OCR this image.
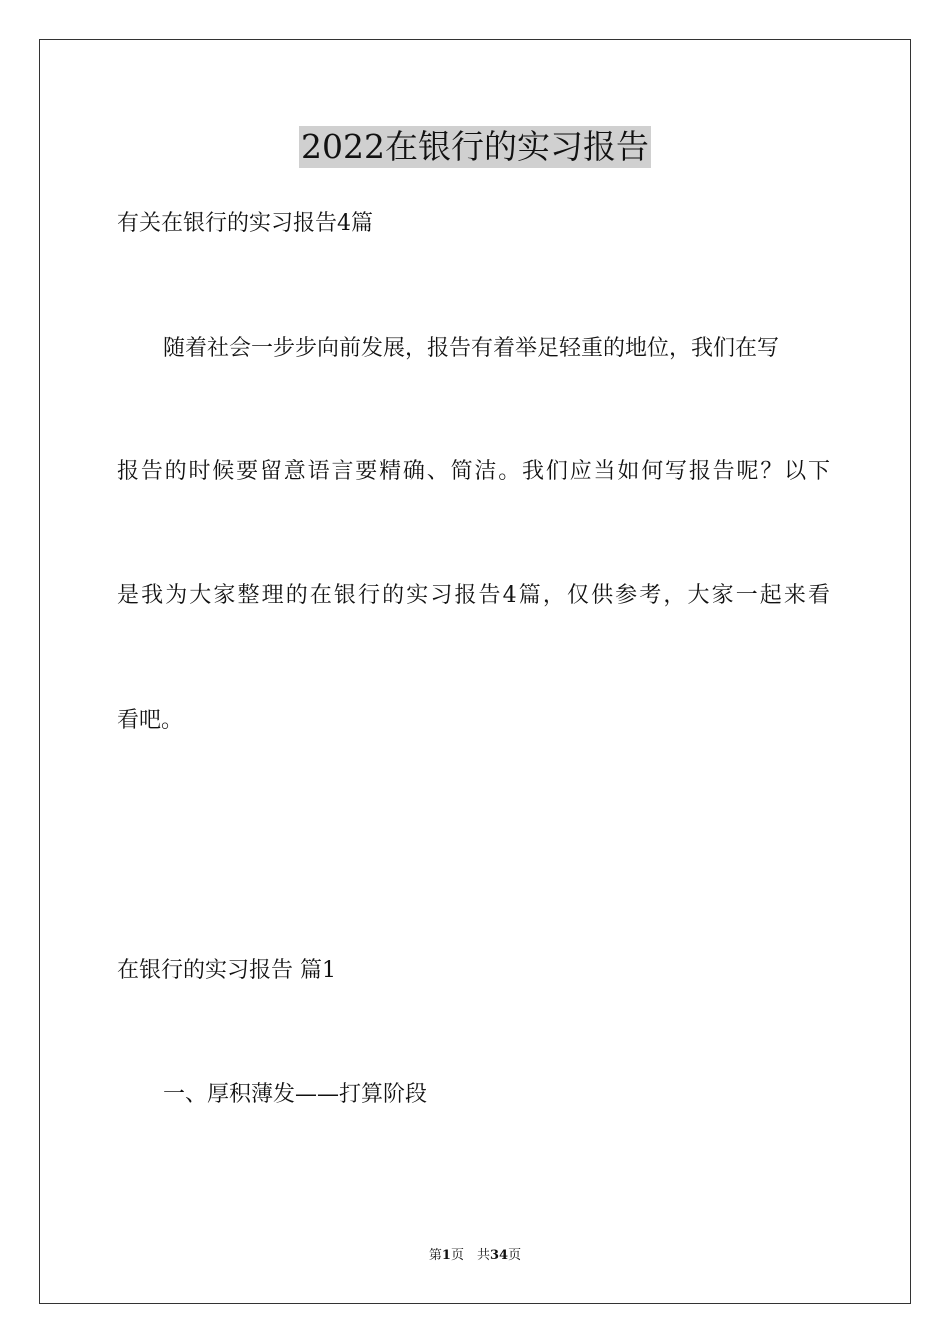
2022在银行的实习报告
有关在银行的实习报告4篇
随着社会一步步向前发展，报告有着举足轻重的地位，我们在写
报告的时候要留意语言要精确、简洁。我们应当如何写报告呢？以下
是我为大家整理的在银行的实习报告4篇，仅供参考，大家一起来看
看吧。
在银行的实习报告 篇1
一、厚积薄发——打算阶段
第1页　共34页
